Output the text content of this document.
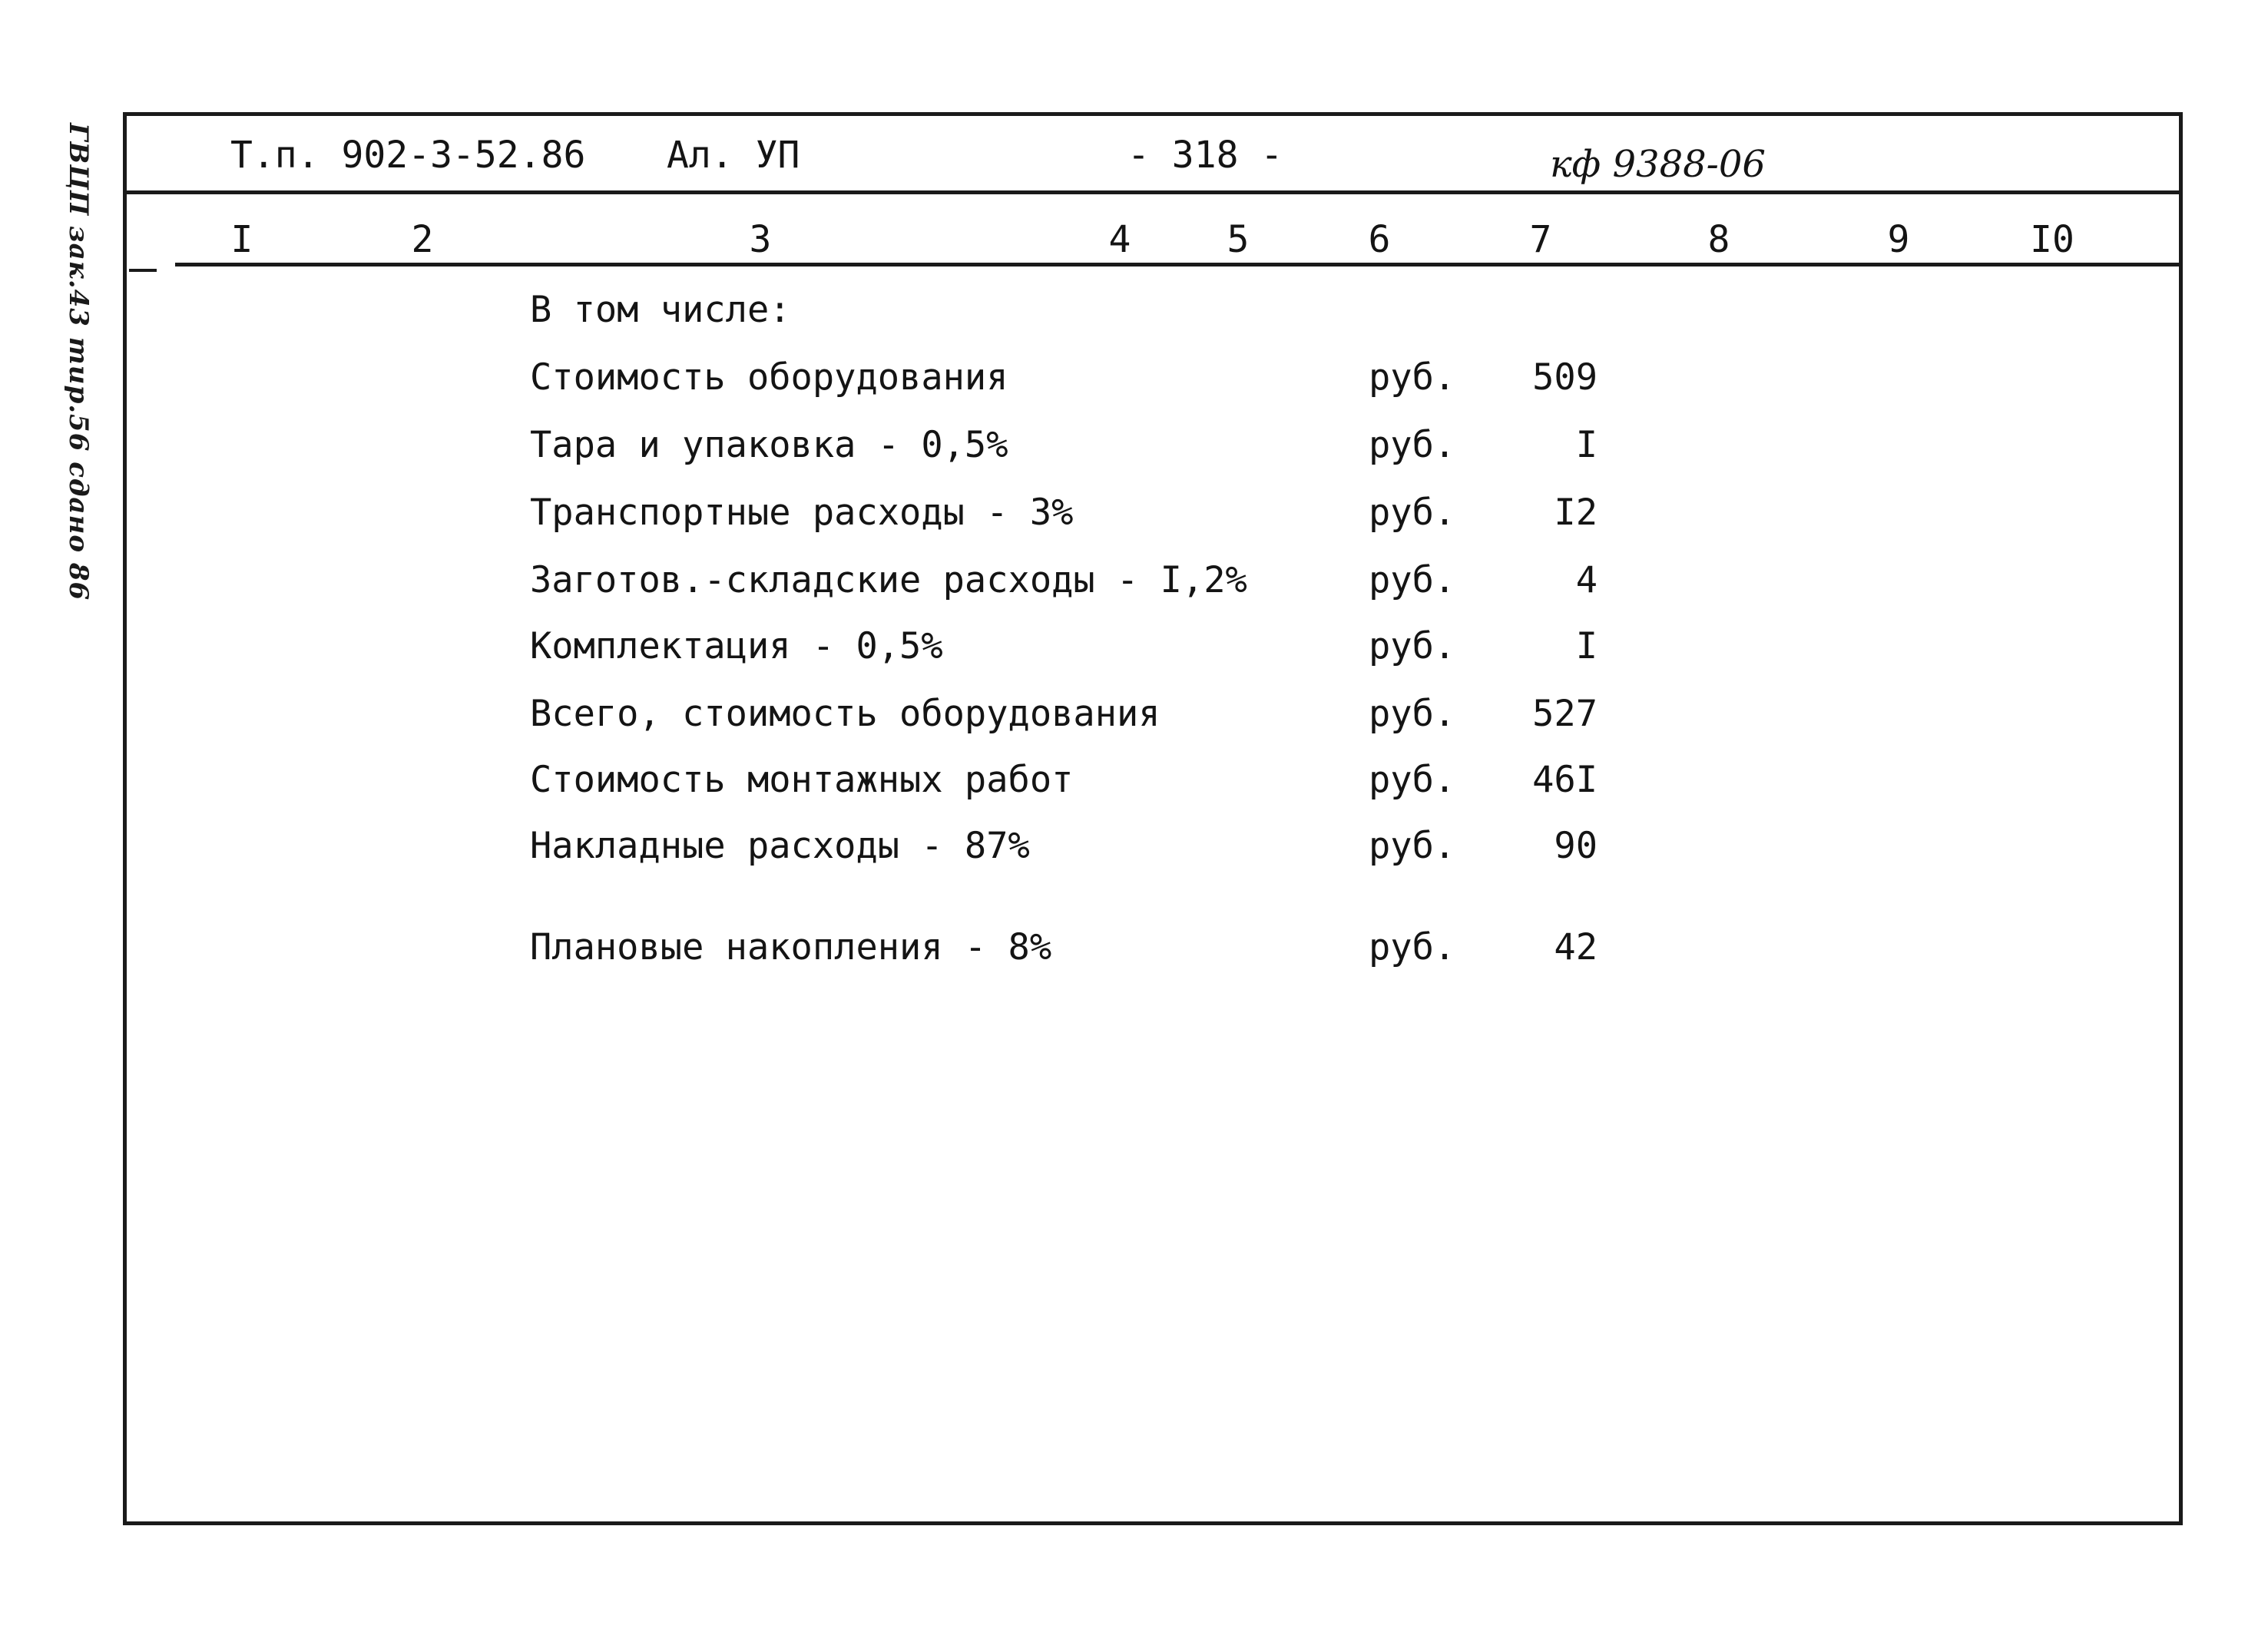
ГВЦП зак.43 тир.56 сдано 86	Т.п. 902-3-52.86 Ал. УП	- 318 -	кф 9388-06
I	2	3	4	5	6	7	8	9	I0
В том числе:
Стоимость оборудования	руб.	509
Тара и упаковка - 0,5%	руб.	I
Транспортные расходы - 3%	руб.	I2
Заготов.-складские расходы - I,2%	руб.	4
Комплектация - 0,5%	руб.	I
Всего, стоимость оборудования	руб.	527
Стоимость монтажных работ	руб.	46I
Накладные расходы - 87%	руб.	90
Плановые накопления - 8%	руб.	42
